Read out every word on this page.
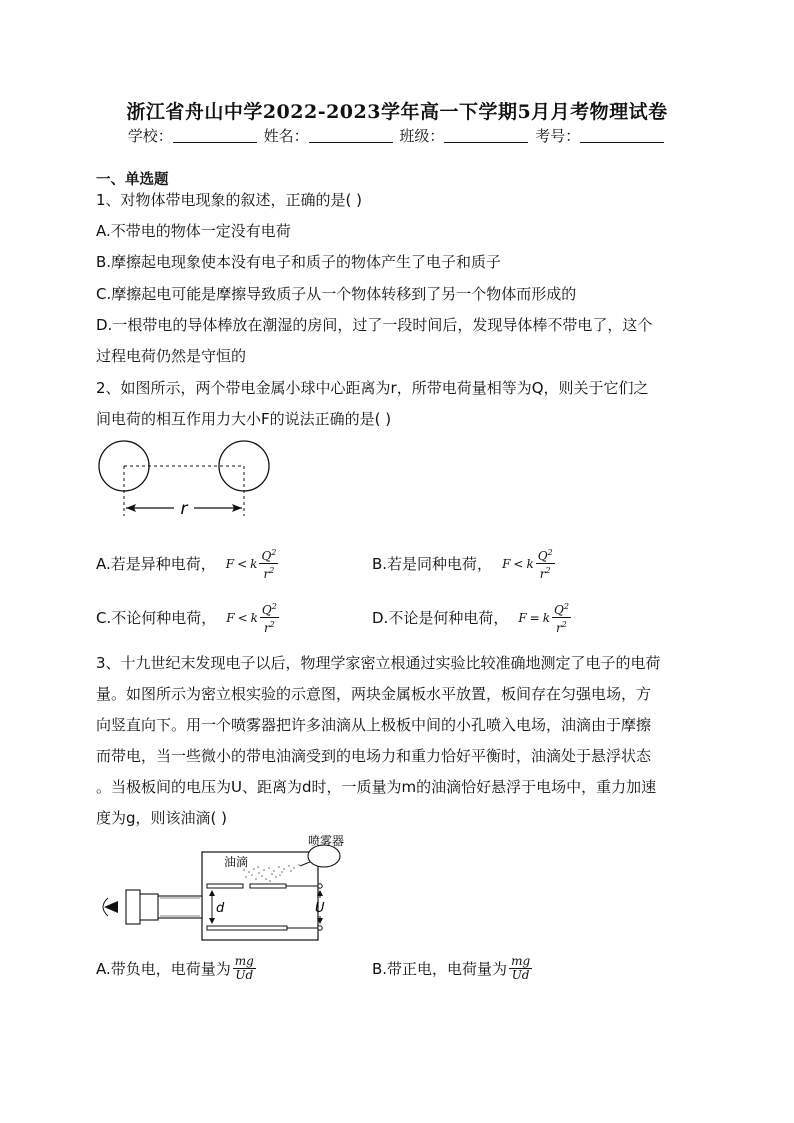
浙江省舟山中学2022-2023学年高一下学期5月月考物理试卷
学校：	姓名：	班级：	考号：
一、单选题
1、对物体带电现象的叙述，正确的是( )
A.不带电的物体一定没有电荷
B.摩擦起电现象使本没有电子和质子的物体产生了电子和质子
C.摩擦起电可能是摩擦导致质子从一个物体转移到了另一个物体而形成的
D.一根带电的导体棒放在潮湿的房间，过了一段时间后，发现导体棒不带电了，这个
过程电荷仍然是守恒的
2、如图所示，两个带电金属小球中心距离为r，所带电荷量相等为Q，则关于它们之
间电荷的相互作用力大小F的说法正确的是( )
r
A.若是异种电荷， F < k $\frac{Q^2}{r^2}$	B.若是同种电荷， F < k $\frac{Q^2}{r^2}$
C.不论何种电荷， F < k $\frac{Q^2}{r^2}$	D.不论是何种电荷， F = k $\frac{Q^2}{r^2}$
3、十九世纪末发现电子以后，物理学家密立根通过实验比较准确地测定了电子的电荷
量。如图所示为密立根实验的示意图，两块金属板水平放置，板间存在匀强电场，方
向竖直向下。用一个喷雾器把许多油滴从上极板中间的小孔喷入电场，油滴由于摩擦
而带电，当一些微小的带电油滴受到的电场力和重力恰好平衡时，油滴处于悬浮状态
。当极板间的电压为U、距离为d时，一质量为m的油滴恰好悬浮于电场中，重力加速
度为g，则该油滴( )
d	U
油滴
喷雾器
A.带负电，电荷量为 $\frac{mg}{Ud}$	B.带正电，电荷量为 $\frac{mg}{Ud}$
